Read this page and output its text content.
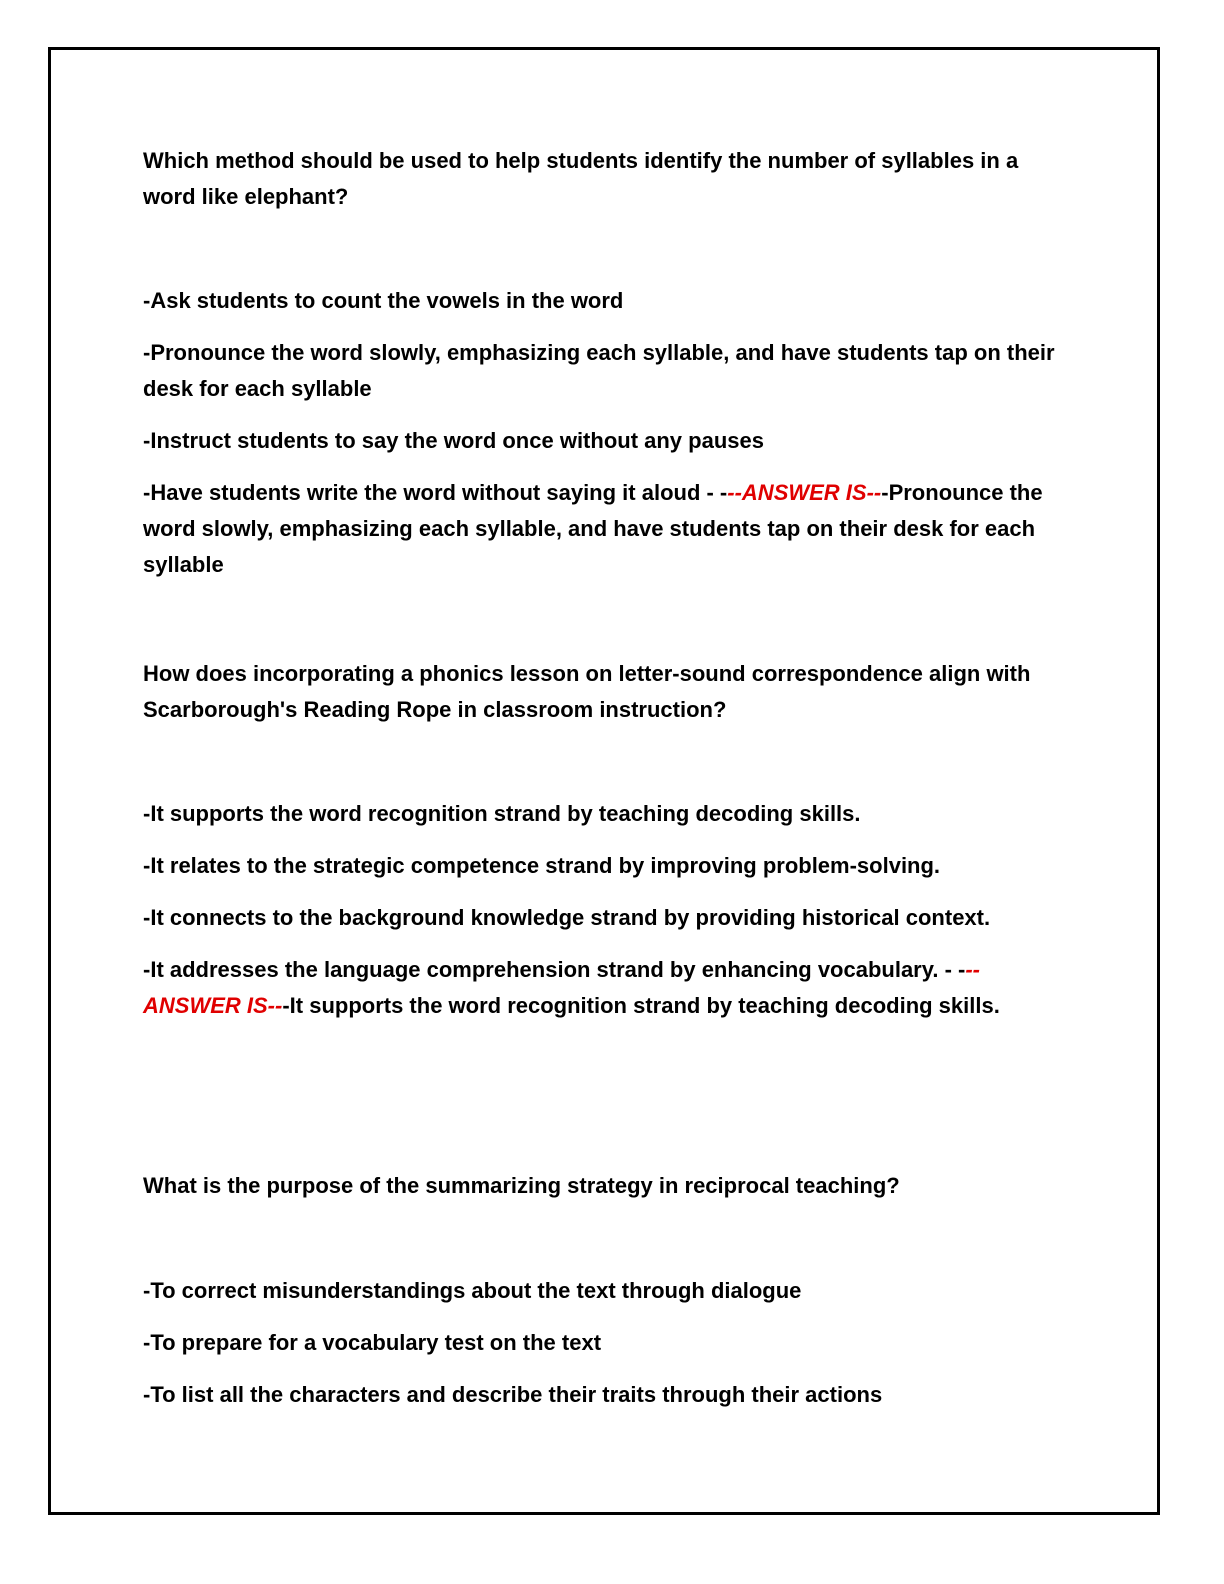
Which method should be used to help students identify the number of syllables in a word like elephant?

-Ask students to count the vowels in the word

-Pronounce the word slowly, emphasizing each syllable, and have students tap on their desk for each syllable

-Instruct students to say the word once without any pauses

-Have students write the word without saying it aloud - ---ANSWER IS---Pronounce the word slowly, emphasizing each syllable, and have students tap on their desk for each syllable

How does incorporating a phonics lesson on letter-sound correspondence align with Scarborough's Reading Rope in classroom instruction?

-It supports the word recognition strand by teaching decoding skills.

-It relates to the strategic competence strand by improving problem-solving.

-It connects to the background knowledge strand by providing historical context.

-It addresses the language comprehension strand by enhancing vocabulary. - ---ANSWER IS---It supports the word recognition strand by teaching decoding skills.

What is the purpose of the summarizing strategy in reciprocal teaching?

-To correct misunderstandings about the text through dialogue

-To prepare for a vocabulary test on the text

-To list all the characters and describe their traits through their actions
